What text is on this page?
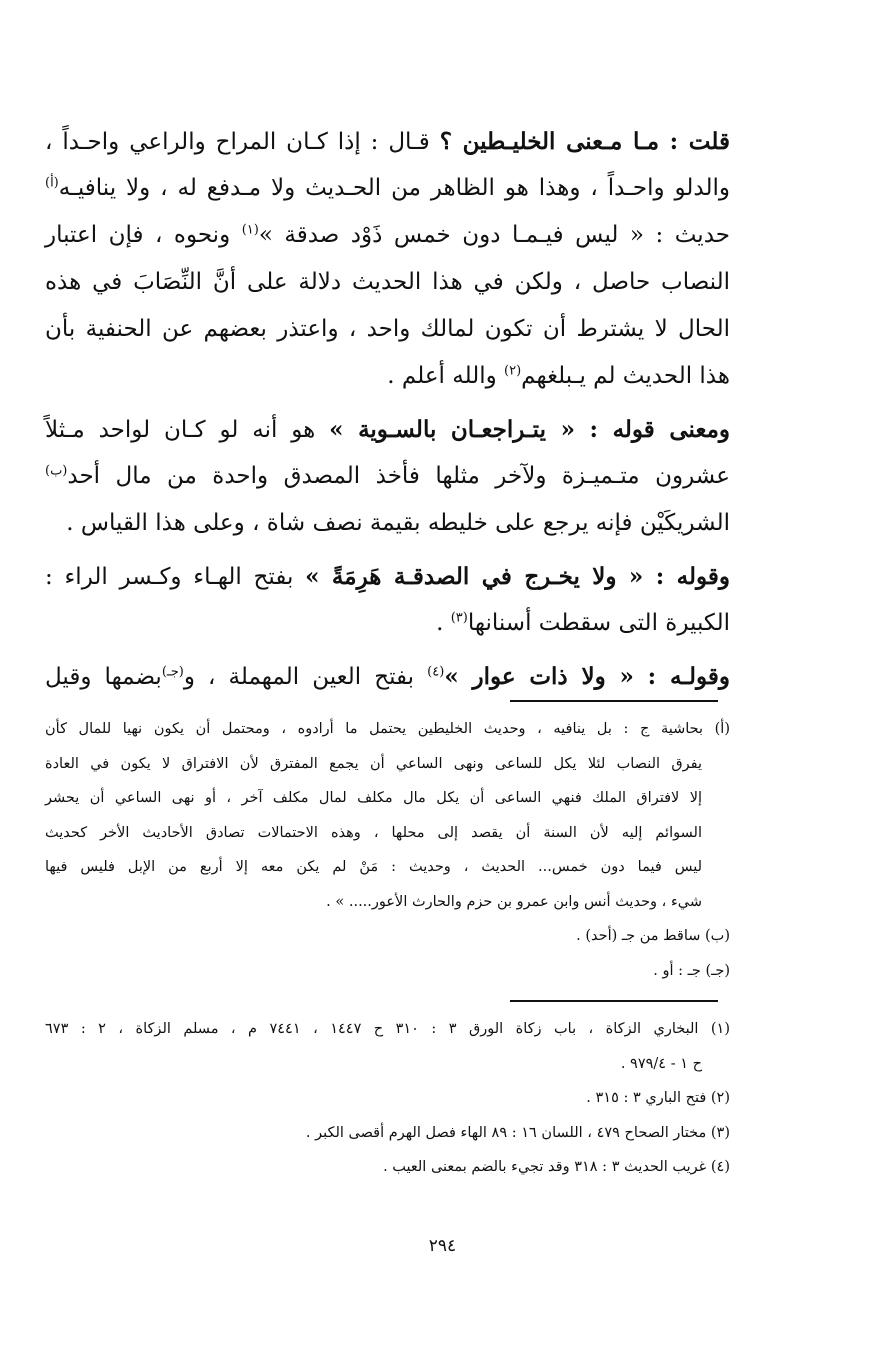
قلت : مـا مـعنى الخليـطين ؟ قـال : إذا كـان المراح والراعي واحـداً ،
والدلو واحـداً ، وهذا هو الظاهر من الحـديث ولا مـدفع له ، ولا ينافيـه$^{(أ)}$
حديث : « ليس فيـمـا دون خمس ذَوْد صدقة »$^{(١)}$ ونحوه ، فإن اعتبار
النصاب حاصل ، ولكن في هذا الحديث دلالة على أنَّ النِّصَابَ في هذه
الحال لا يشترط أن تكون لمالك واحد ، واعتذر بعضهم عن الحنفية بأن
هذا الحديث لم يـبلغهم$^{(٢)}$ والله أعلم .
ومعنى قوله : « يتـراجعـان بالسـوية » هو أنه لو كـان لواحد مـثلاً
عشرون متـميـزة ولآخر مثلها فأخذ المصدق واحدة من مال أحد$^{(ب)}$
الشريكَيْن فإنه يرجع على خليطه بقيمة نصف شاة ، وعلى هذا القياس .
وقوله : « ولا يخـرج في الصدقـة هَرِمَةً » بفتح الهـاء وكـسر الراء :
الكبيرة التى سقطت أسنانها$^{(٣)}$ .
وقولـه : « ولا ذات عوار »$^{(٤)}$ بفتح العين المهملة ، و$^{(جـ)}$بضمها وقيل
(أ) بحاشية ج : بل ينافيه ، وحديث الخليطين يحتمل ما أرادوه ، ومحتمل أن يكون نهيا للمال كأن
يفرق النصاب لئلا يكل للساعى ونهى الساعي أن يجمع المفترق لأن الافتراق لا يكون في العادة
إلا لافتراق الملك فنهي الساعى أن يكل مال مكلف لمال مكلف آخر ، أو نهى الساعي أن يحشر
السوائم إليه لأن السنة أن يقصد إلى محلها ، وهذه الاحتمالات تصادق الأحاديث الأخر كحديث
ليس فيما دون خمس... الحديث ، وحديث : مَنْ لم يكن معه إلا أربع من الإبل فليس فيها
شيء ، وحديث أنس وابن عمرو بن حزم والحارث الأعور..... » .
(ب) ساقط من جـ (أحد) .
(جـ) جـ : أو .
(١) البخاري الزكاة ، باب زكاة الورق ٣ : ٣١٠ ح ١٤٤٧ ، ٧٤٤١ م ، مسلم الزكاة ، ٢ : ٦٧٣
ح ١ - ٩٧٩/٤ .
(٢) فتح الباري ٣ : ٣١٥ .
(٣) مختار الصحاح ٤٧٩ ، اللسان ١٦ : ٨٩ الهاء فصل الهرم أقصى الكبر .
(٤) غريب الحديث ٣ : ٣١٨ وقد تجيء بالضم بمعنى العيب .
٢٩٤
